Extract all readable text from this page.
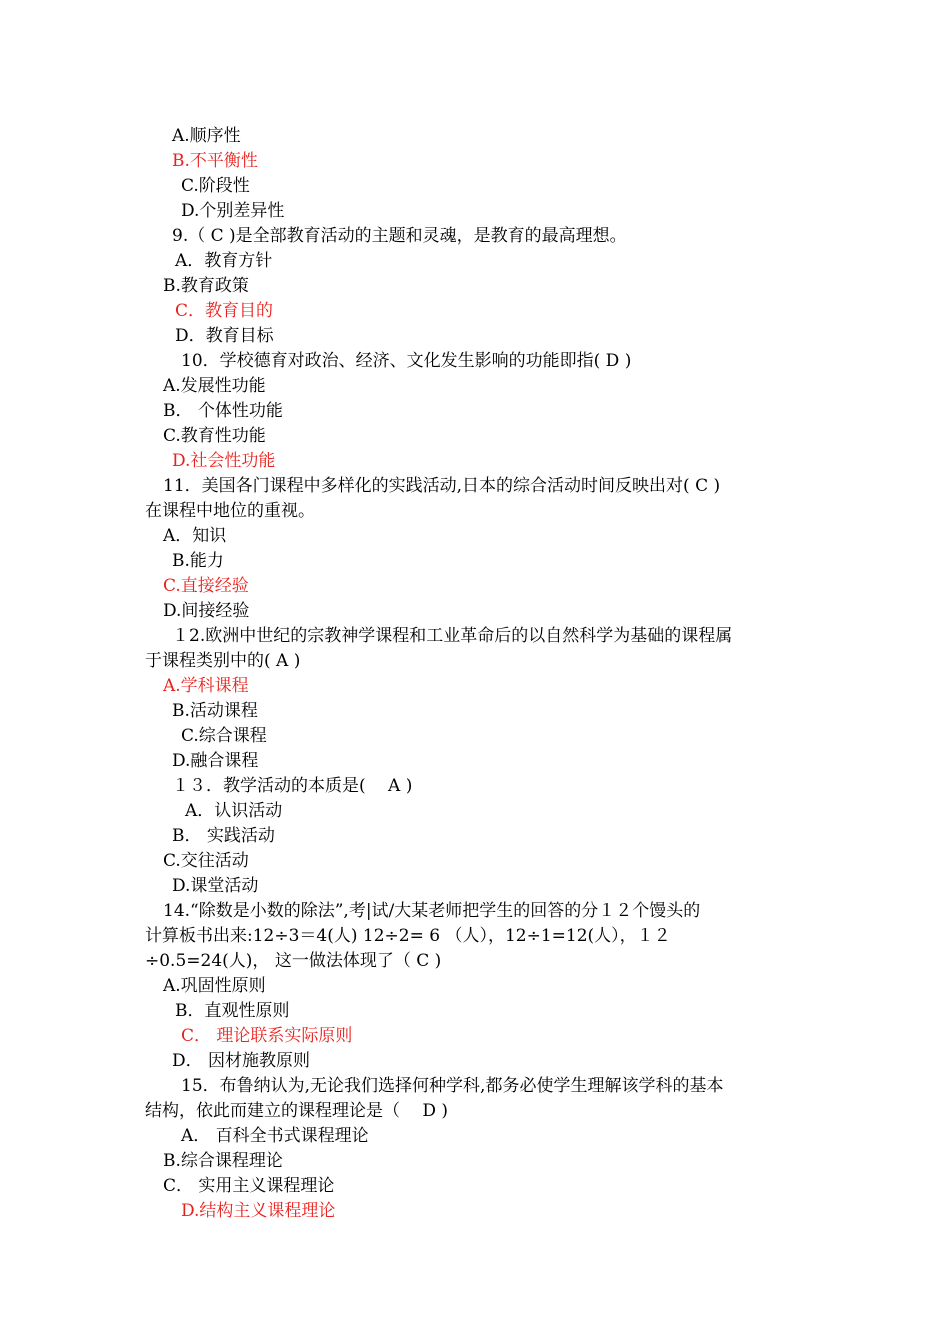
A.顺序性
B.不平衡性
C.阶段性
D.个别差异性
9.（ C )是全部教育活动的主题和灵魂，是教育的最高理想。
A．教育方针
B.教育政策
C．教育目的
D．教育目标
10．学校德育对政治、经济、文化发生影响的功能即指( D )
A.发展性功能
B． 个体性功能
C.教育性功能
D.社会性功能
11．美国各门课程中多样化的实践活动,日本的综合活动时间反映出对( C )
在课程中地位的重视。
A．知识
B.能力
C.直接经验
D.间接经验
１2.欧洲中世纪的宗教神学课程和工业革命后的以自然科学为基础的课程属
于课程类别中的( A )
A.学科课程
B.活动课程
C.综合课程
D.融合课程
１３．教学活动的本质是(　 A )
A．认识活动
B． 实践活动
C.交往活动
D.课堂活动
14.“除数是小数的除法”,考|试/大某老师把学生的回答的分１２个馒头的
计算板书出来:12÷3＝4(人) 12÷2= 6 （人），12÷1=12(人），１２
÷0.5=24(人)， 这一做法体现了（ C )
A.巩固性原则
B．直观性原则
C． 理论联系实际原则
D． 因材施教原则
15．布鲁纳认为,无论我们选择何种学科,都务必使学生理解该学科的基本
结构，依此而建立的课程理论是（　 D )
A． 百科全书式课程理论
B.综合课程理论
C． 实用主义课程理论
D.结构主义课程理论
